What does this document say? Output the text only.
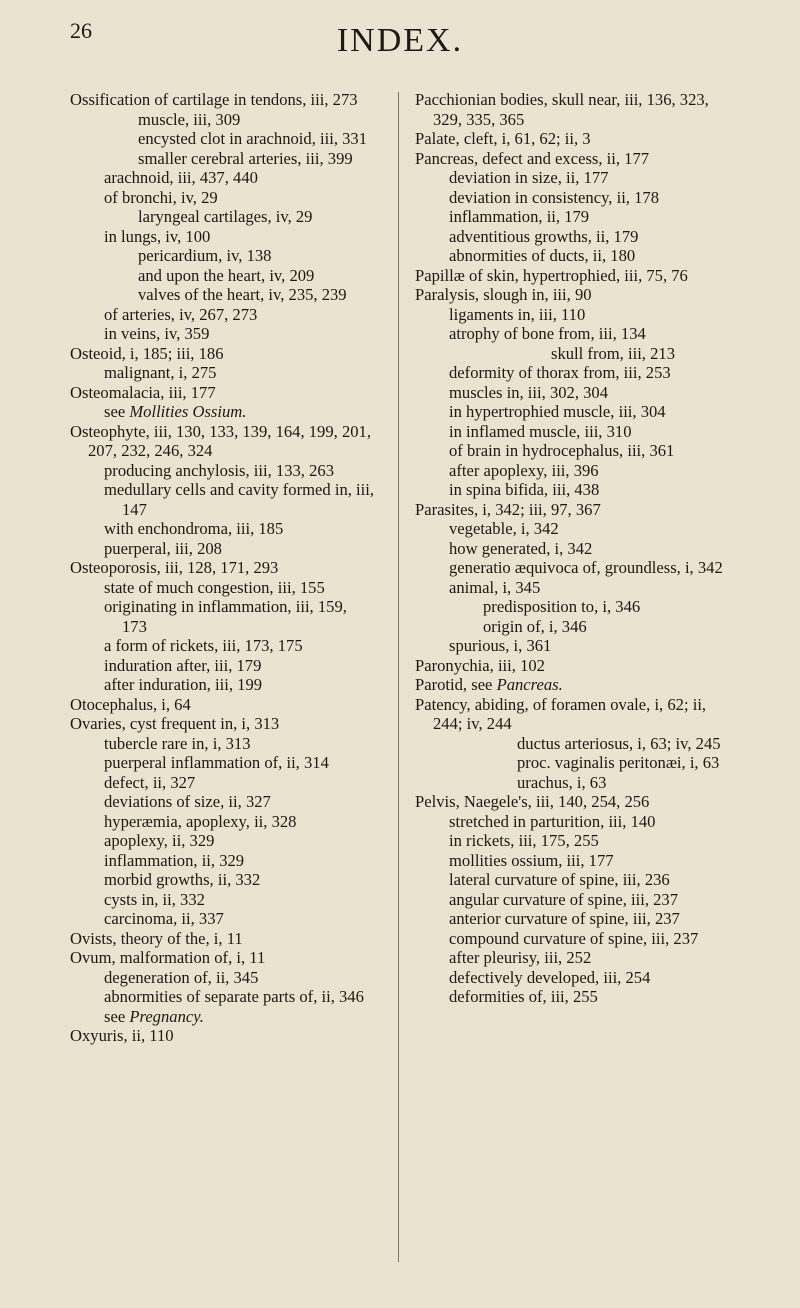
26	INDEX.
Ossification of cartilage in tendons, iii, 273
muscle, iii, 309
encysted clot in arachnoid, iii, 331
smaller cerebral arteries, iii, 399
arachnoid, iii, 437, 440
of bronchi, iv, 29
laryngeal cartilages, iv, 29
in lungs, iv, 100
pericardium, iv, 138
and upon the heart, iv, 209
valves of the heart, iv, 235, 239
of arteries, iv, 267, 273
in veins, iv, 359
Osteoid, i, 185; iii, 186
malignant, i, 275
Osteomalacia, iii, 177
see Mollities Ossium.
Osteophyte, iii, 130, 133, 139, 164, 199, 201, 207, 232, 246, 324
producing anchylosis, iii, 133, 263
medullary cells and cavity formed in, iii, 147
with enchondroma, iii, 185
puerperal, iii, 208
Osteoporosis, iii, 128, 171, 293
state of much congestion, iii, 155
originating in inflammation, iii, 159, 173
a form of rickets, iii, 173, 175
induration after, iii, 179
after induration, iii, 199
Otocephalus, i, 64
Ovaries, cyst frequent in, i, 313
tubercle rare in, i, 313
puerperal inflammation of, ii, 314
defect, ii, 327
deviations of size, ii, 327
hyperæmia, apoplexy, ii, 328
apoplexy, ii, 329
inflammation, ii, 329
morbid growths, ii, 332
cysts in, ii, 332
carcinoma, ii, 337
Ovists, theory of the, i, 11
Ovum, malformation of, i, 11
degeneration of, ii, 345
abnormities of separate parts of, ii, 346
see Pregnancy.
Oxyuris, ii, 110
Pacchionian bodies, skull near, iii, 136, 323, 329, 335, 365
Palate, cleft, i, 61, 62; ii, 3
Pancreas, defect and excess, ii, 177
deviation in size, ii, 177
deviation in consistency, ii, 178
inflammation, ii, 179
adventitious growths, ii, 179
abnormities of ducts, ii, 180
Papillæ of skin, hypertrophied, iii, 75, 76
Paralysis, slough in, iii, 90
ligaments in, iii, 110
atrophy of bone from, iii, 134
skull from, iii, 213
deformity of thorax from, iii, 253
muscles in, iii, 302, 304
in hypertrophied muscle, iii, 304
in inflamed muscle, iii, 310
of brain in hydrocephalus, iii, 361
after apoplexy, iii, 396
in spina bifida, iii, 438
Parasites, i, 342; iii, 97, 367
vegetable, i, 342
how generated, i, 342
generatio æquivoca of, groundless, i, 342
animal, i, 345
predisposition to, i, 346
origin of, i, 346
spurious, i, 361
Paronychia, iii, 102
Parotid, see Pancreas.
Patency, abiding, of foramen ovale, i, 62; ii, 244; iv, 244
ductus arteriosus, i, 63; iv, 245
proc. vaginalis peritonæi, i, 63
urachus, i, 63
Pelvis, Naegele's, iii, 140, 254, 256
stretched in parturition, iii, 140
in rickets, iii, 175, 255
mollities ossium, iii, 177
lateral curvature of spine, iii, 236
angular curvature of spine, iii, 237
anterior curvature of spine, iii, 237
compound curvature of spine, iii, 237
after pleurisy, iii, 252
defectively developed, iii, 254
deformities of, iii, 255
